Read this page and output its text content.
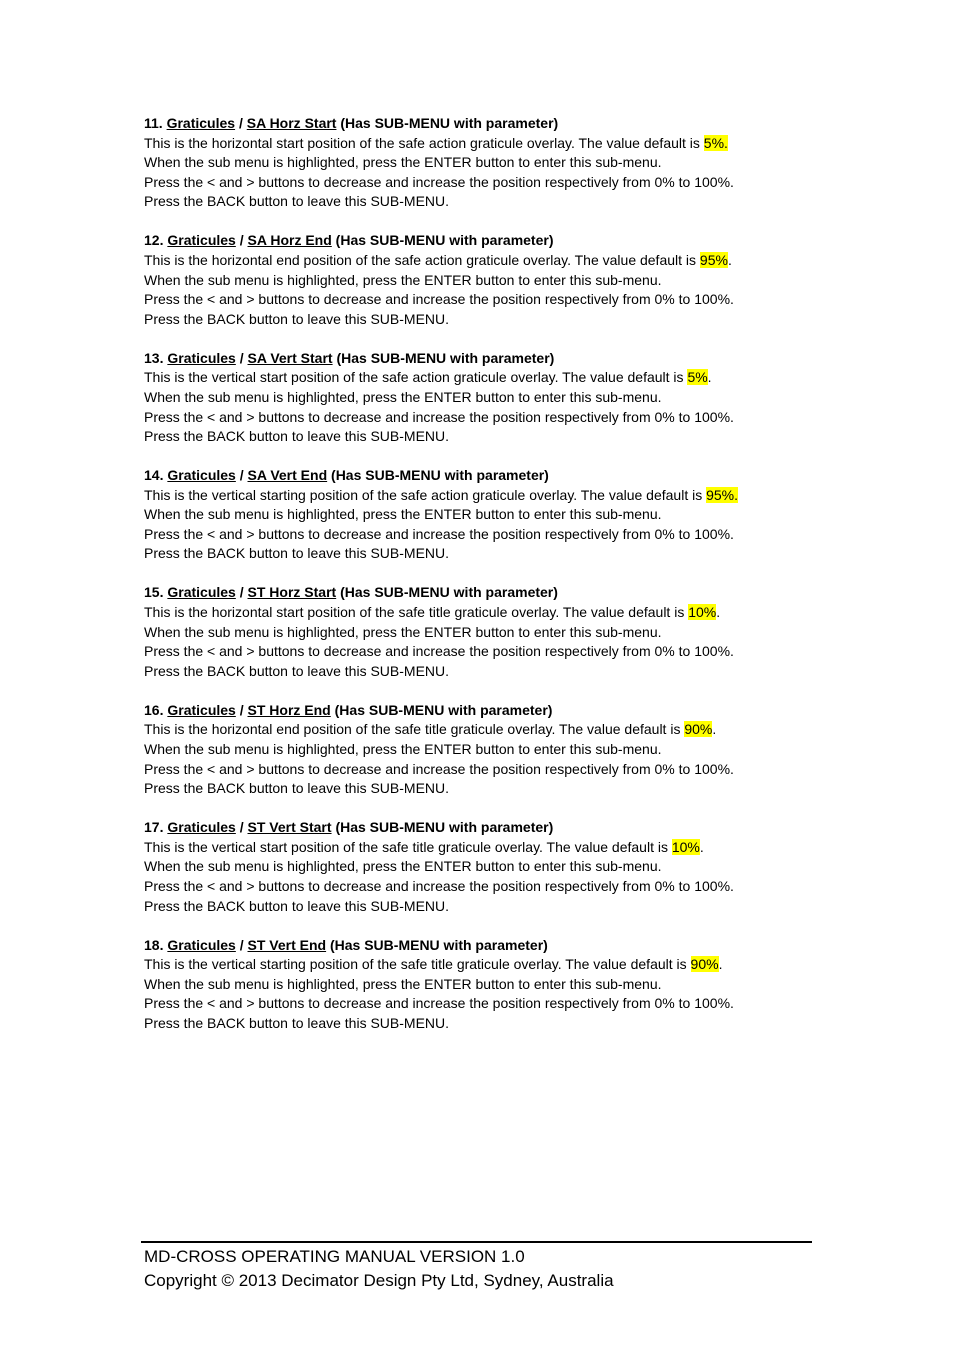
11. Graticules / SA Horz Start (Has SUB-MENU with parameter)
This is the horizontal start position of the safe action graticule overlay. The value default is 5%.
When the sub menu is highlighted, press the ENTER button to enter this sub-menu.
Press the < and > buttons to decrease and increase the position respectively from 0% to 100%.
Press the BACK button to leave this SUB-MENU.
12. Graticules / SA Horz End (Has SUB-MENU with parameter)
This is the horizontal end position of the safe action graticule overlay. The value default is 95%.
When the sub menu is highlighted, press the ENTER button to enter this sub-menu.
Press the < and > buttons to decrease and increase the position respectively from 0% to 100%.
Press the BACK button to leave this SUB-MENU.
13. Graticules / SA Vert Start (Has SUB-MENU with parameter)
This is the vertical start position of the safe action graticule overlay. The value default is 5%.
When the sub menu is highlighted, press the ENTER button to enter this sub-menu.
Press the < and > buttons to decrease and increase the position respectively from 0% to 100%.
Press the BACK button to leave this SUB-MENU.
14. Graticules / SA Vert End (Has SUB-MENU with parameter)
This is the vertical starting position of the safe action graticule overlay. The value default is 95%.
When the sub menu is highlighted, press the ENTER button to enter this sub-menu.
Press the < and > buttons to decrease and increase the position respectively from 0% to 100%.
Press the BACK button to leave this SUB-MENU.
15. Graticules / ST Horz Start (Has SUB-MENU with parameter)
This is the horizontal start position of the safe title graticule overlay. The value default is 10%.
When the sub menu is highlighted, press the ENTER button to enter this sub-menu.
Press the < and > buttons to decrease and increase the position respectively from 0% to 100%.
Press the BACK button to leave this SUB-MENU.
16. Graticules / ST Horz End (Has SUB-MENU with parameter)
This is the horizontal end position of the safe title graticule overlay. The value default is 90%.
When the sub menu is highlighted, press the ENTER button to enter this sub-menu.
Press the < and > buttons to decrease and increase the position respectively from 0% to 100%.
Press the BACK button to leave this SUB-MENU.
17. Graticules / ST Vert Start (Has SUB-MENU with parameter)
This is the vertical start position of the safe title graticule overlay. The value default is 10%.
When the sub menu is highlighted, press the ENTER button to enter this sub-menu.
Press the < and > buttons to decrease and increase the position respectively from 0% to 100%.
Press the BACK button to leave this SUB-MENU.
18. Graticules / ST Vert End (Has SUB-MENU with parameter)
This is the vertical starting position of the safe title graticule overlay. The value default is 90%.
When the sub menu is highlighted, press the ENTER button to enter this sub-menu.
Press the < and > buttons to decrease and increase the position respectively from 0% to 100%.
Press the BACK button to leave this SUB-MENU.
MD-CROSS OPERATING MANUAL VERSION 1.0
Copyright © 2013 Decimator Design Pty Ltd, Sydney, Australia
